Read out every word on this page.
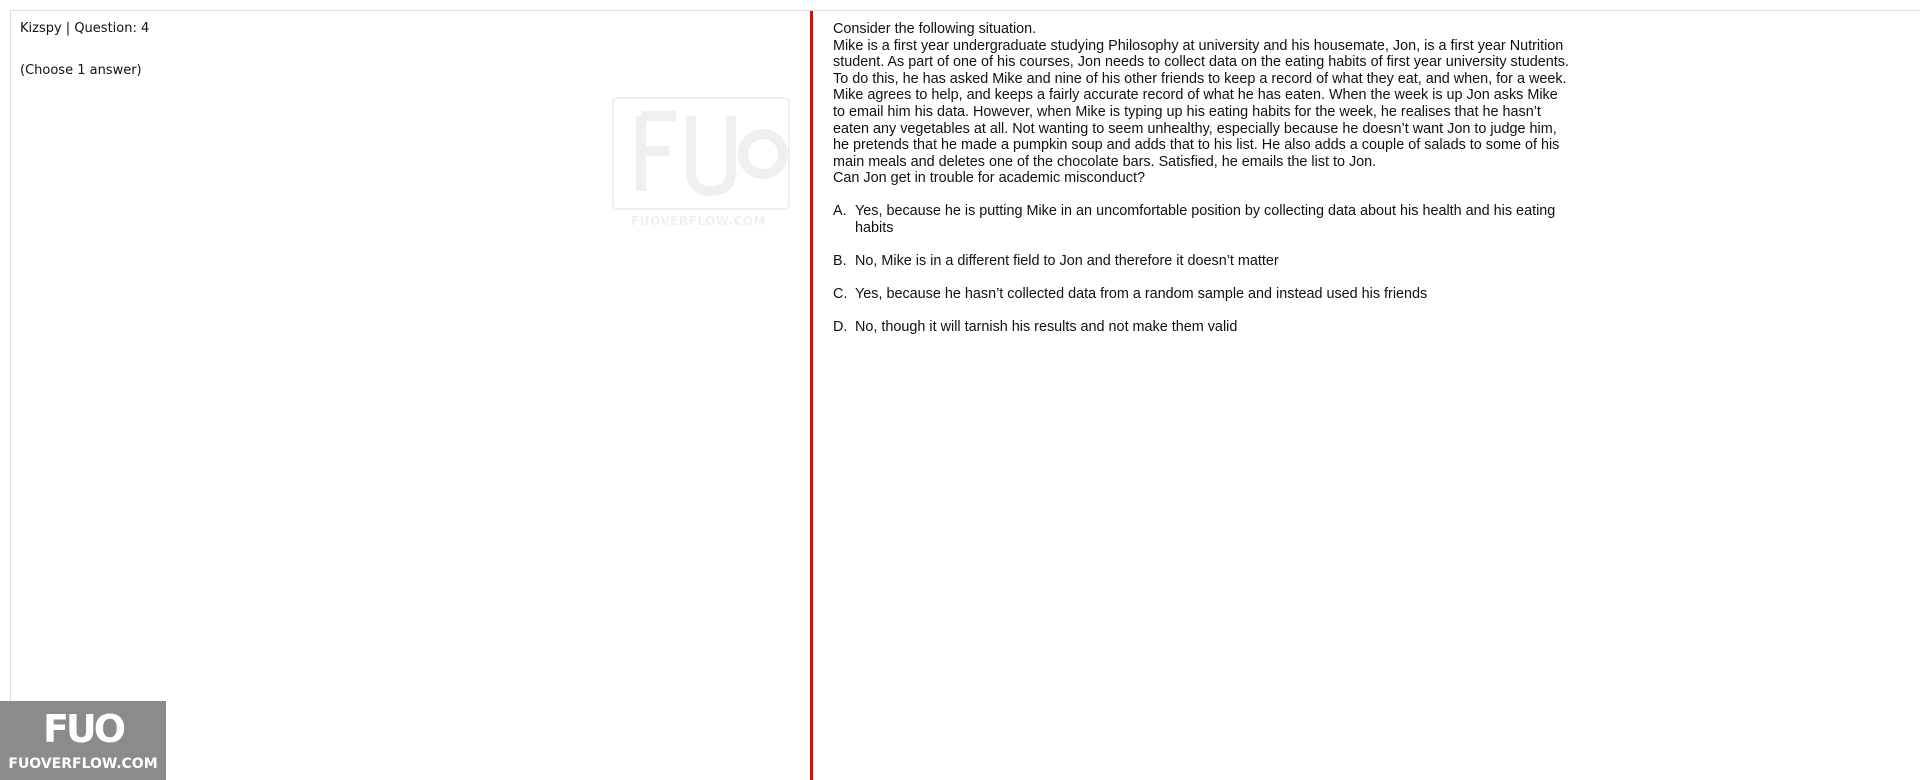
Kizspy | Question: 4
(Choose 1 answer)
FUOVERFLOW.COM

Consider the following situation.

Mike is a first year undergraduate studying Philosophy at university and his housemate, Jon, is a first year Nutrition student. As part of one of his courses, Jon needs to collect data on the eating habits of first year university students. To do this, he has asked Mike and nine of his other friends to keep a record of what they eat, and when, for a week.

Mike agrees to help, and keeps a fairly accurate record of what he has eaten. When the week is up Jon asks Mike to email him his data. However, when Mike is typing up his eating habits for the week, he realises that he hasn’t eaten any vegetables at all. Not wanting to seem unhealthy, especially because he doesn’t want Jon to judge him, he pretends that he made a pumpkin soup and adds that to his list. He also adds a couple of salads to some of his main meals and deletes one of the chocolate bars. Satisfied, he emails the list to Jon.

Can Jon get in trouble for academic misconduct?

A. Yes, because he is putting Mike in an uncomfortable position by collecting data about his health and his eating habits
B. No, Mike is in a different field to Jon and therefore it doesn’t matter
C. Yes, because he hasn’t collected data from a random sample and instead used his friends
D. No, though it will tarnish his results and not make them valid
FUO
FUOVERFLOW.COM
